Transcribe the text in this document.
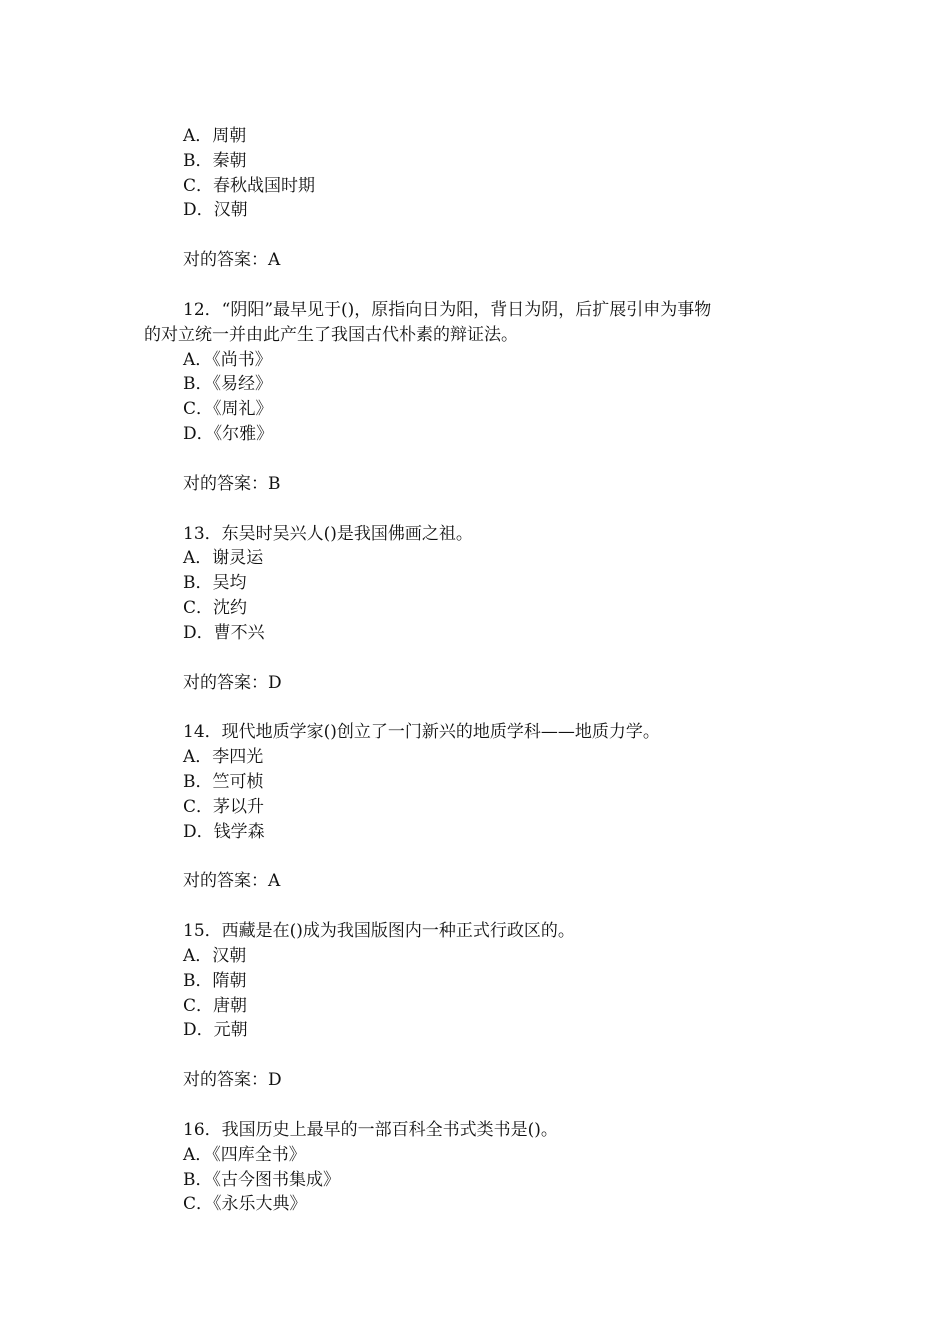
A．周朝
B．秦朝
C．春秋战国时期
D．汉朝
对的答案：A
12．“阴阳”最早见于()，原指向日为阳，背日为阴，后扩展引申为事物
的对立统一并由此产生了我国古代朴素的辩证法。
A．《尚书》
B．《易经》
C．《周礼》
D．《尔雅》
对的答案：B
13．东吴时吴兴人()是我国佛画之祖。
A．谢灵运
B．吴均
C．沈约
D．曹不兴
对的答案：D
14．现代地质学家()创立了一门新兴的地质学科——地质力学。
A．李四光
B．竺可桢
C．茅以升
D．钱学森
对的答案：A
15．西藏是在()成为我国版图内一种正式行政区的。
A．汉朝
B．隋朝
C．唐朝
D．元朝
对的答案：D
16．我国历史上最早的一部百科全书式类书是()。
A．《四库全书》
B．《古今图书集成》
C．《永乐大典》
